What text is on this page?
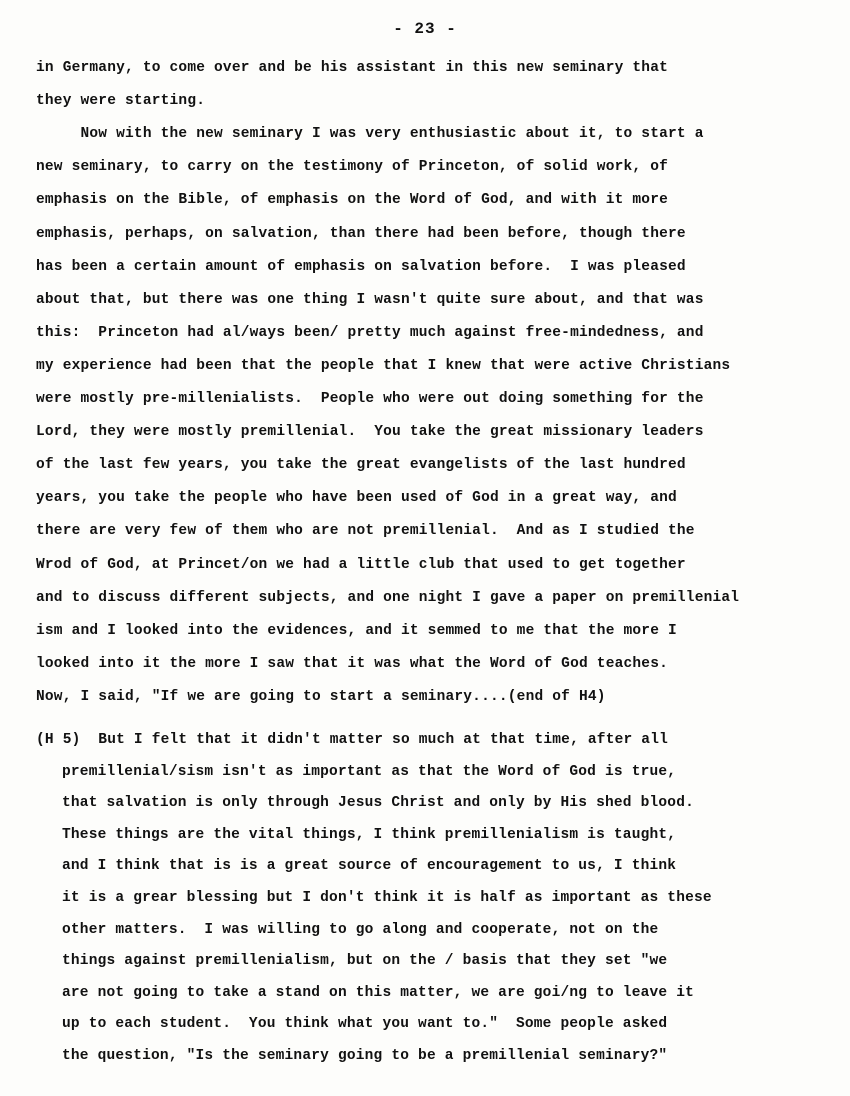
- 23 -
in Germany, to come over and be his assistant in this new seminary that
they were starting.
Now with the new seminary I was very enthusiastic about it, to start a
new seminary, to carry on the testimony of Princeton, of solid work, of
emphasis on the Bible, of emphasis on the Word of God, and with it more
emphasis, perhaps, on salvation, than there had been before, though there
has been a certain amount of emphasis on salvation before.  I was pleased
about that, but there was one thing I wasn't quite sure about, and that was
this:  Princeton had al/ways been/ pretty much against free-mindedness, and
my experience had been that the people that I knew that were active Christians
were mostly pre-millenialists.  People who were out doing something for the
Lord, they were mostly premillenial.  You take the great missionary leaders
of the last few years, you take the great evangelists of the last hundred
years, you take the people who have been used of God in a great way, and
there are very few of them who are not premillenial.  And as I studied the
Wrod of God, at Princet/on we had a little club that used to get together
and to discuss different subjects, and one night I gave a paper on premillenial
ism and I looked into the evidences, and it semmed to me that the more I
looked into it the more I saw that it was what the Word of God teaches.
Now, I said, "If we are going to start a seminary....(end of H4)
(H 5)  But I felt that it didn't matter so much at that time, after all
premillenial/sism isn't as important as that the Word of God is true,
that salvation is only through Jesus Christ and only by His shed blood.
These things are the vital things, I think premillenialism is taught,
and I think that is is a great source of encouragement to us, I think
it is a grear blessing but I don't think it is half as important as these
other matters.  I was willing to go along and cooperate, not on the
things against premillenialism, but on the / basis that they set "we
are not going to take a stand on this matter, we are goi/ng to leave it
up to each student.  You think what you want to."  Some people asked
the question, "Is the seminary going to be a premillenial seminary?"
